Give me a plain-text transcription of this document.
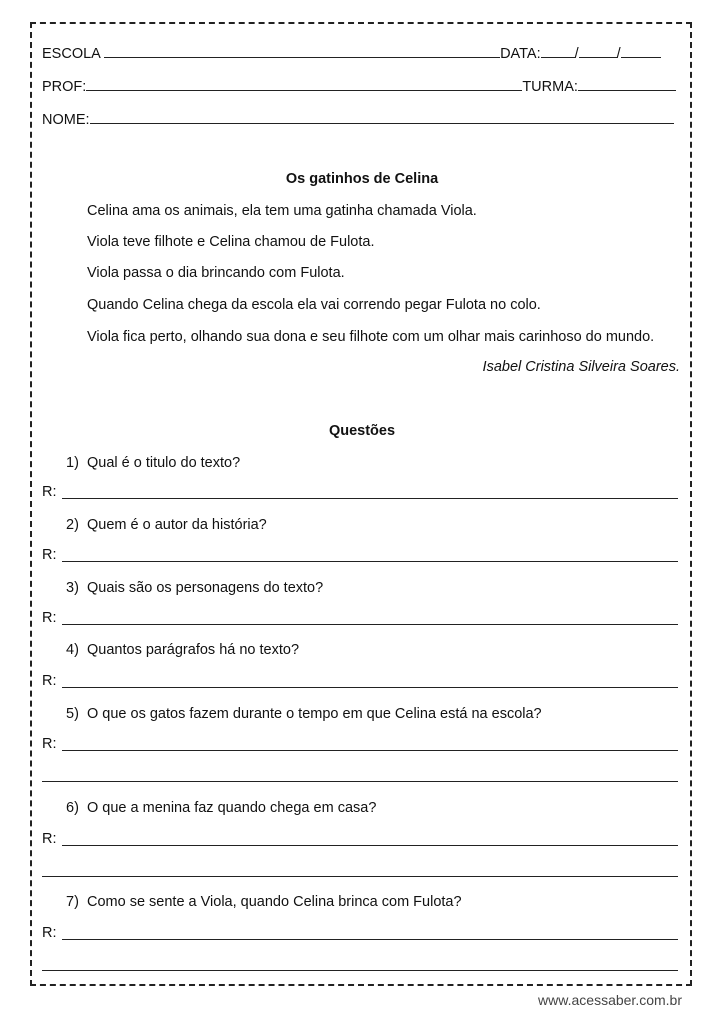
ESCOLA	DATA: /	/
PROF:	TURMA:
NOME:
Os gatinhos de Celina
Celina ama os animais, ela tem uma gatinha chamada Viola.
Viola teve filhote e Celina chamou de Fulota.
Viola passa o dia brincando com Fulota.
Quando Celina chega da escola ela vai correndo pegar Fulota no colo.
Viola fica perto, olhando sua dona e seu filhote com um olhar mais carinhoso do mundo.
Isabel Cristina Silveira Soares.
Questões
1) Qual é o titulo do texto?
R:
2) Quem é o autor da história?
R:
3) Quais são os personagens do texto?
R:
4) Quantos parágrafos há no texto?
R:
5) O que os gatos fazem durante o tempo em que Celina está na escola?
R:
6) O que a menina faz quando chega em casa?
R:
7) Como se sente a Viola, quando Celina brinca com Fulota?
R:
www.acessaber.com.br
